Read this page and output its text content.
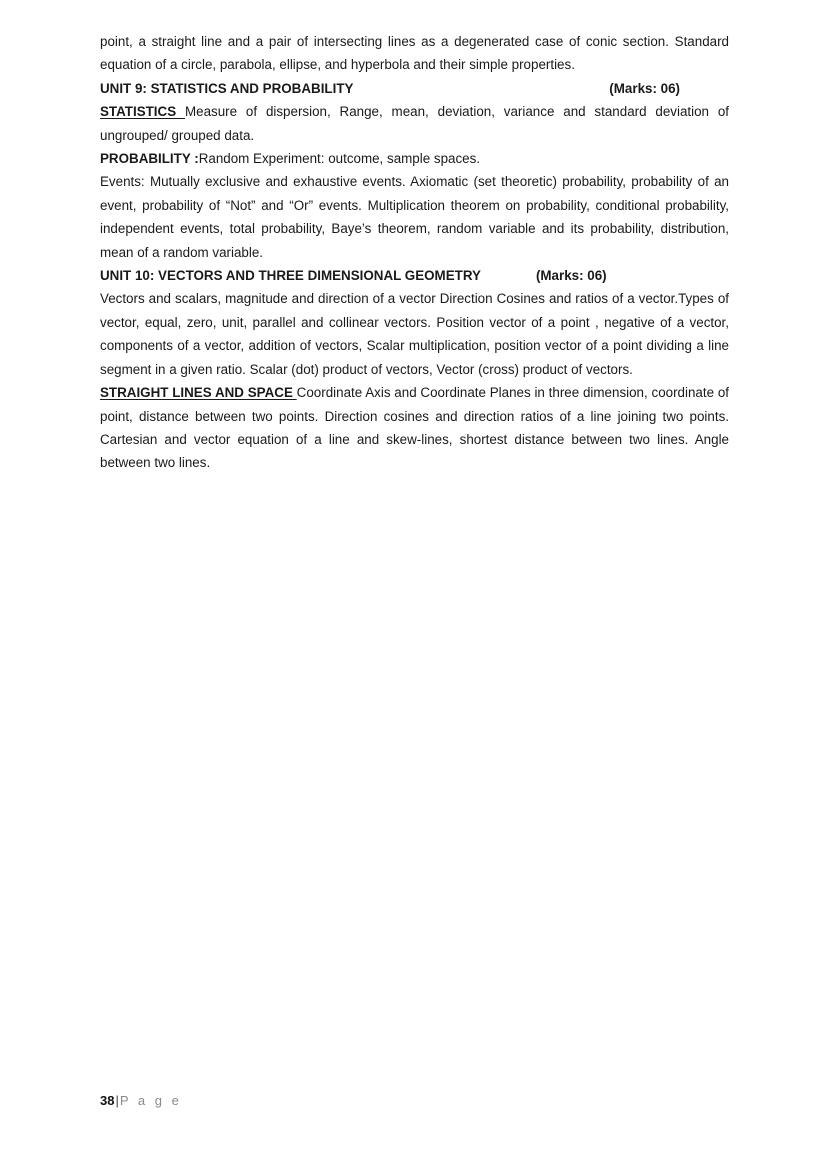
point, a straight line and a pair of intersecting lines as a degenerated case of conic section. Standard equation of a circle, parabola, ellipse, and hyperbola and their simple properties.

UNIT 9: STATISTICS AND PROBABILITY	(Marks: 06)

STATISTICS Measure of dispersion, Range, mean, deviation, variance and standard deviation of ungrouped/ grouped data.

PROBABILITY :Random Experiment: outcome, sample spaces.

Events: Mutually exclusive and exhaustive events. Axiomatic (set theoretic) probability, probability of an event, probability of “Not” and “Or” events. Multiplication theorem on probability, conditional probability, independent events, total probability, Baye’s theorem, random variable and its probability, distribution, mean of a random variable.

UNIT 10: VECTORS AND THREE DIMENSIONAL GEOMETRY	(Marks: 06)

Vectors and scalars, magnitude and direction of a vector Direction Cosines and ratios of a vector.Types of vector, equal, zero, unit, parallel and collinear vectors. Position vector of a point , negative of a vector, components of a vector, addition of vectors, Scalar multiplication, position vector of a point dividing a line segment in a given ratio. Scalar (dot) product of vectors, Vector (cross) product of vectors.

STRAIGHT LINES AND SPACE Coordinate Axis and Coordinate Planes in three dimension, coordinate of point, distance between two points. Direction cosines and direction ratios of a line joining two points. Cartesian and vector equation of a line and skew-lines, shortest distance between two lines. Angle between two lines.

38|P a g e
